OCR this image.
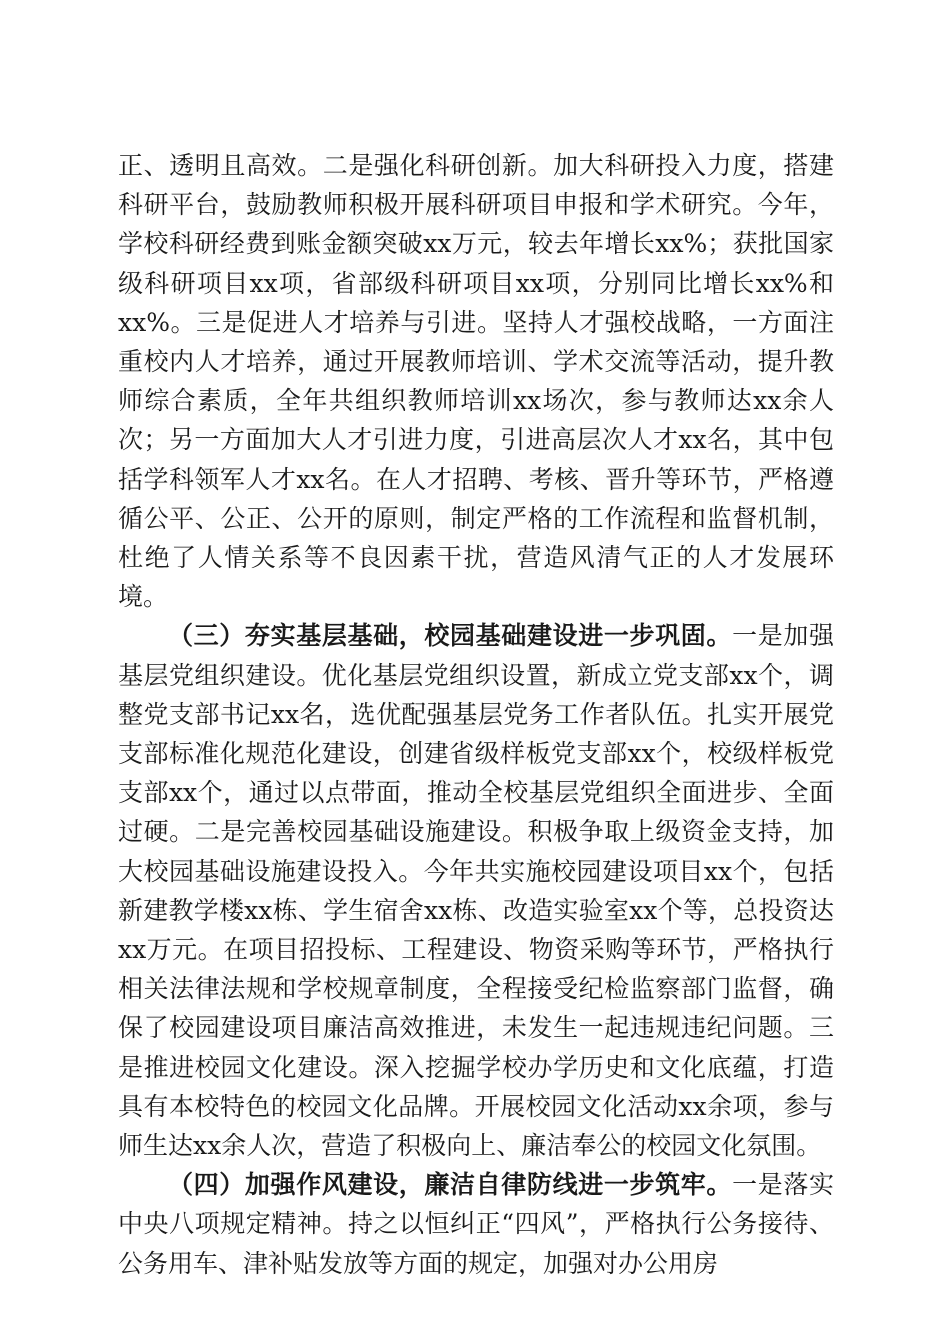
正、透明且高效。二是强化科研创新。加大科研投入力度，搭建科研平台，鼓励教师积极开展科研项目申报和学术研究。今年，学校科研经费到账金额突破xx万元，较去年增长xx%；获批国家级科研项目xx项，省部级科研项目xx项，分别同比增长xx%和xx%。三是促进人才培养与引进。坚持人才强校战略，一方面注重校内人才培养，通过开展教师培训、学术交流等活动，提升教师综合素质，全年共组织教师培训xx场次，参与教师达xx余人次；另一方面加大人才引进力度，引进高层次人才xx名，其中包括学科领军人才xx名。在人才招聘、考核、晋升等环节，严格遵循公平、公正、公开的原则，制定严格的工作流程和监督机制，杜绝了人情关系等不良因素干扰，营造风清气正的人才发展环境。

（三）夯实基层基础，校园基础建设进一步巩固。一是加强基层党组织建设。优化基层党组织设置，新成立党支部xx个，调整党支部书记xx名，选优配强基层党务工作者队伍。扎实开展党支部标准化规范化建设，创建省级样板党支部xx个，校级样板党支部xx个，通过以点带面，推动全校基层党组织全面进步、全面过硬。二是完善校园基础设施建设。积极争取上级资金支持，加大校园基础设施建设投入。今年共实施校园建设项目xx个，包括新建教学楼xx栋、学生宿舍xx栋、改造实验室xx个等，总投资达xx万元。在项目招投标、工程建设、物资采购等环节，严格执行相关法律法规和学校规章制度，全程接受纪检监察部门监督，确保了校园建设项目廉洁高效推进，未发生一起违规违纪问题。三是推进校园文化建设。深入挖掘学校办学历史和文化底蕴，打造具有本校特色的校园文化品牌。开展校园文化活动xx余项，参与师生达xx余人次，营造了积极向上、廉洁奉公的校园文化氛围。

（四）加强作风建设，廉洁自律防线进一步筑牢。一是落实中央八项规定精神。持之以恒纠正“四风”，严格执行公务接待、公务用车、津补贴发放等方面的规定，加强对办公用房
